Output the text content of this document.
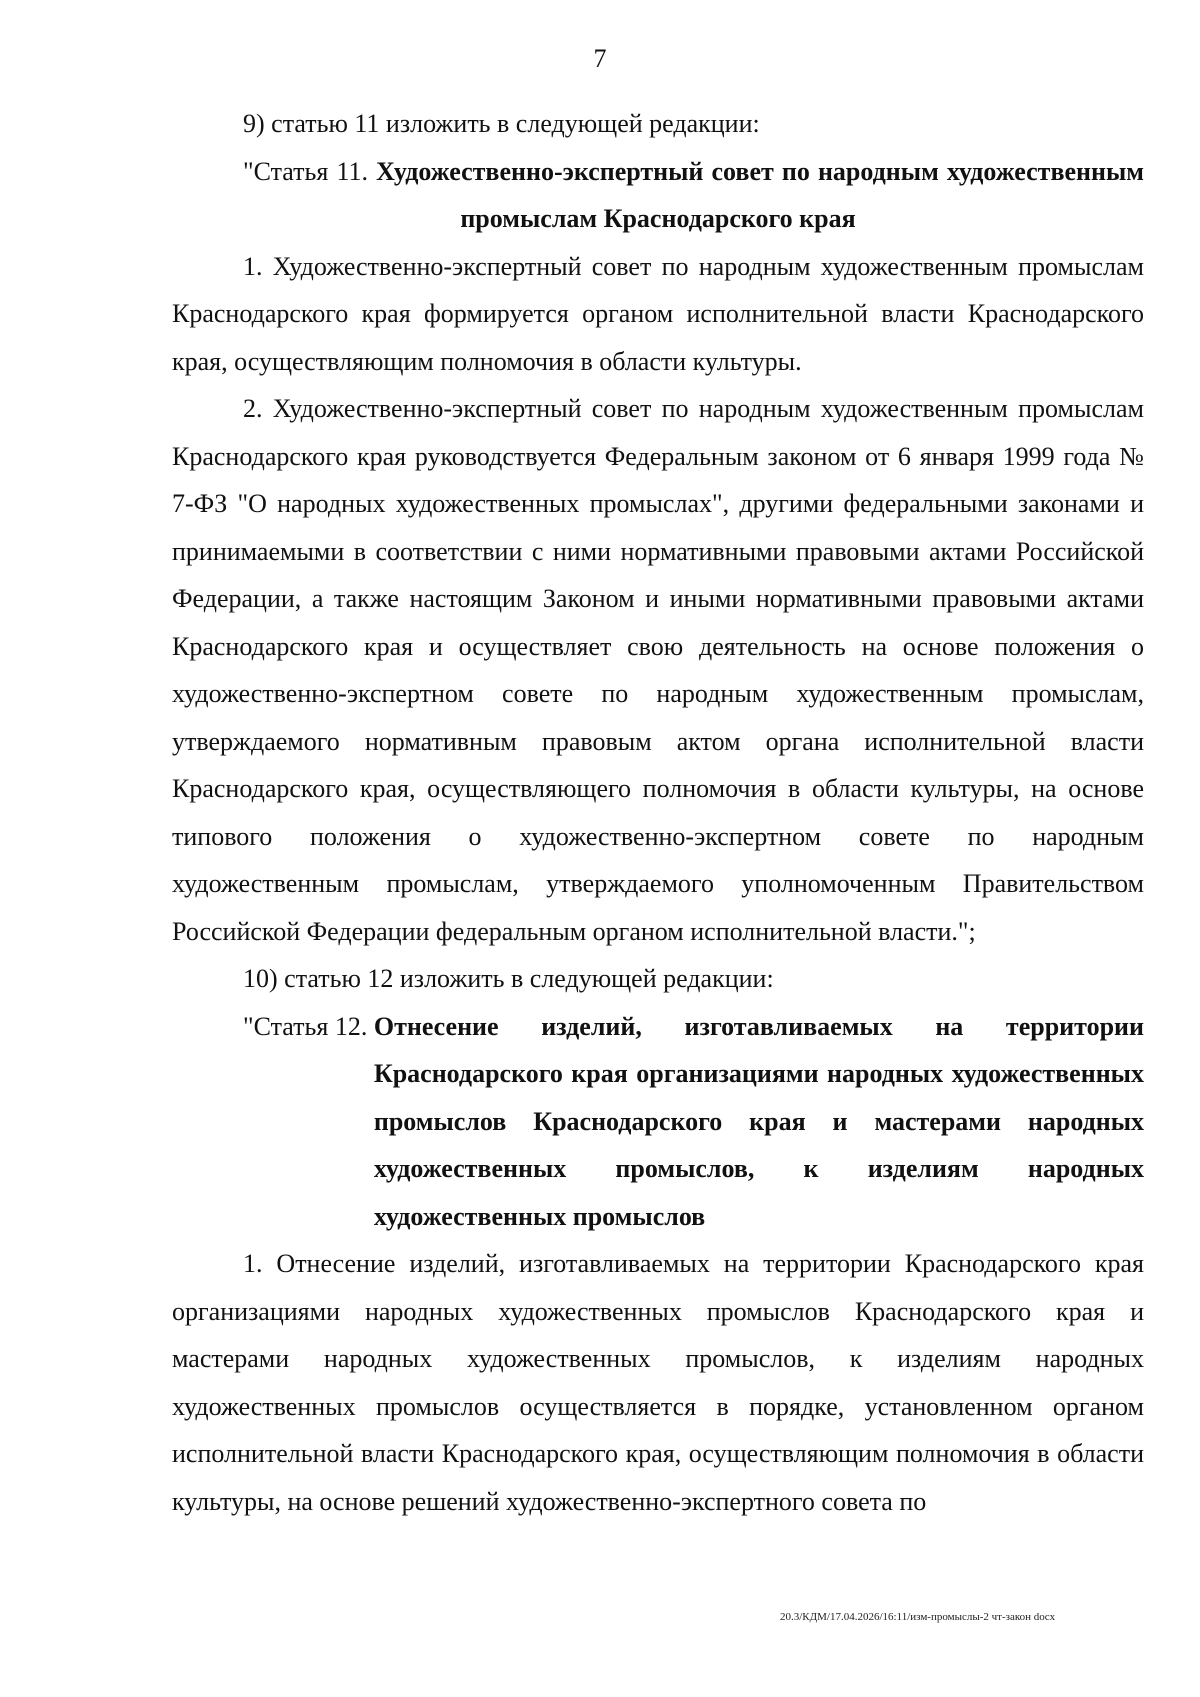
7

9) статью 11 изложить в следующей редакции:

"Статья 11. Художественно-экспертный совет по народным художественным промыслам Краснодарского края

1. Художественно-экспертный совет по народным художественным промыслам Краснодарского края формируется органом исполнительной власти Краснодарского края, осуществляющим полномочия в области культуры.

2. Художественно-экспертный совет по народным художественным промыслам Краснодарского края руководствуется Федеральным законом от 6 января 1999 года № 7-ФЗ "О народных художественных промыслах", другими федеральными законами и принимаемыми в соответствии с ними нормативными правовыми актами Российской Федерации, а также настоящим Законом и иными нормативными правовыми актами Краснодарского края и осуществляет свою деятельность на основе положения о художественно-экспертном совете по народным художественным промыслам, утверждаемого нормативным правовым актом органа исполнительной власти Краснодарского края, осуществляющего полномочия в области культуры, на основе типового положения о художественно-экспертном совете по народным художественным промыслам, утверждаемого уполномоченным Правительством Российской Федерации федеральным органом исполнительной власти.";

10) статью 12 изложить в следующей редакции:

"Статья 12. Отнесение изделий, изготавливаемых на территории Краснодарского края организациями народных художественных промыслов Краснодарского края и мастерами народных художественных промыслов, к изделиям народных художественных промыслов

1. Отнесение изделий, изготавливаемых на территории Краснодарского края организациями народных художественных промыслов Краснодарского края и мастерами народных художественных промыслов, к изделиям народных художественных промыслов осуществляется в порядке, установленном органом исполнительной власти Краснодарского края, осуществляющим полномочия в области культуры, на основе решений художественно-экспертного совета по

20.3/КДМ/17.04.2026/16:11/изм-промыслы-2 чт-закон docx
